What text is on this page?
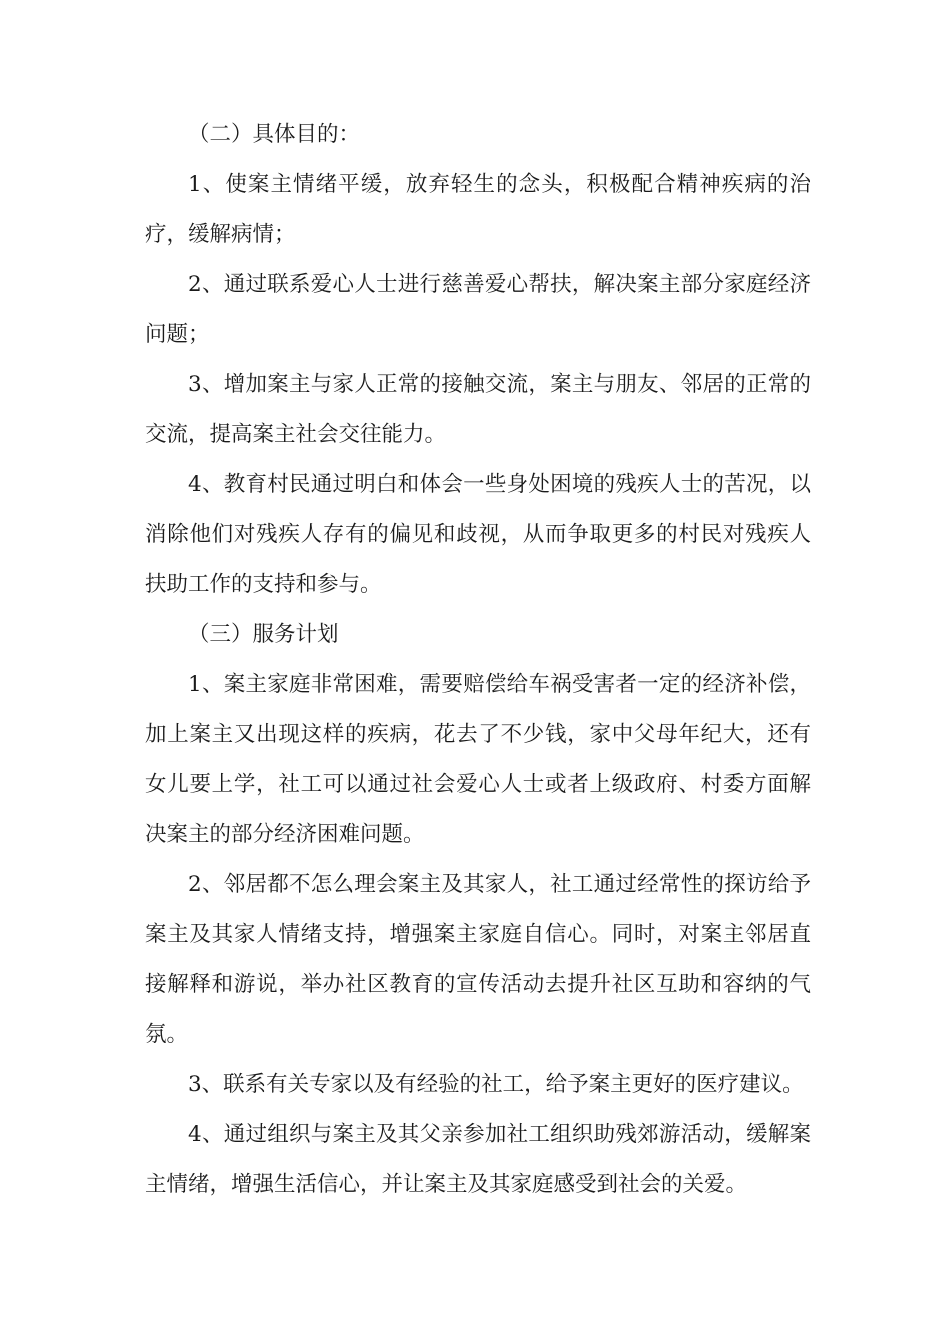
（二）具体目的：

1、使案主情绪平缓，放弃轻生的念头，积极配合精神疾病的治疗，缓解病情；

2、通过联系爱心人士进行慈善爱心帮扶，解决案主部分家庭经济问题；

3、增加案主与家人正常的接触交流，案主与朋友、邻居的正常的交流，提高案主社会交往能力。

4、教育村民通过明白和体会一些身处困境的残疾人士的苦况，以消除他们对残疾人存有的偏见和歧视，从而争取更多的村民对残疾人扶助工作的支持和参与。

（三）服务计划

1、案主家庭非常困难，需要赔偿给车祸受害者一定的经济补偿，加上案主又出现这样的疾病，花去了不少钱，家中父母年纪大，还有女儿要上学，社工可以通过社会爱心人士或者上级政府、村委方面解决案主的部分经济困难问题。

2、邻居都不怎么理会案主及其家人，社工通过经常性的探访给予案主及其家人情绪支持，增强案主家庭自信心。同时，对案主邻居直接解释和游说，举办社区教育的宣传活动去提升社区互助和容纳的气氛。

3、联系有关专家以及有经验的社工，给予案主更好的医疗建议。

4、通过组织与案主及其父亲参加社工组织助残郊游活动，缓解案主情绪，增强生活信心，并让案主及其家庭感受到社会的关爱。
